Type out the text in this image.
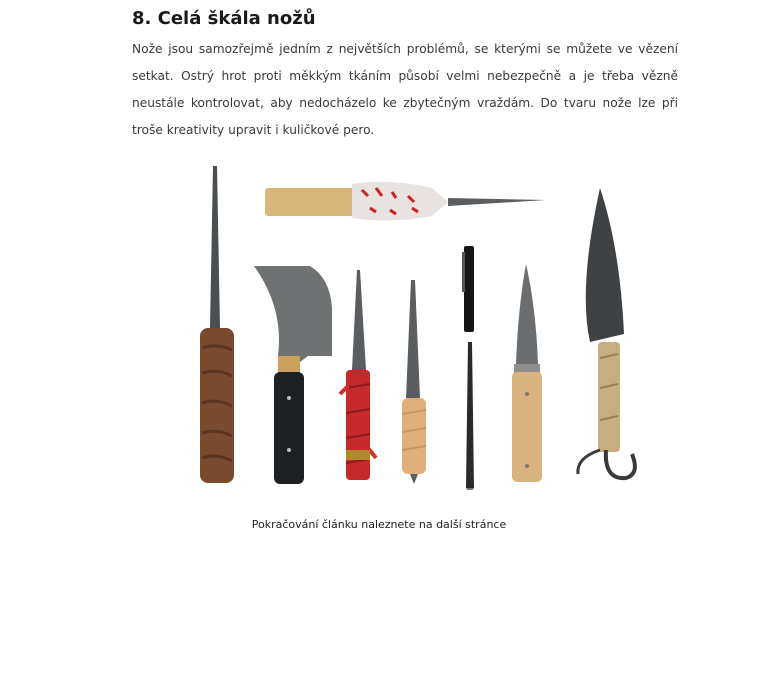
8. Celá škála nožů

Nože jsou samozřejmě jedním z největších problémů, se kterými se můžete ve vězení setkat. Ostrý hrot proti měkkým tkáním působí velmi nebezpečně a je třeba vězně neustále kontrolovat, aby nedocházelo ke zbytečným vraždám. Do tvaru nože lze při troše kreativity upravit i kuličkové pero.

Pokračování článku naleznete na další stránce
